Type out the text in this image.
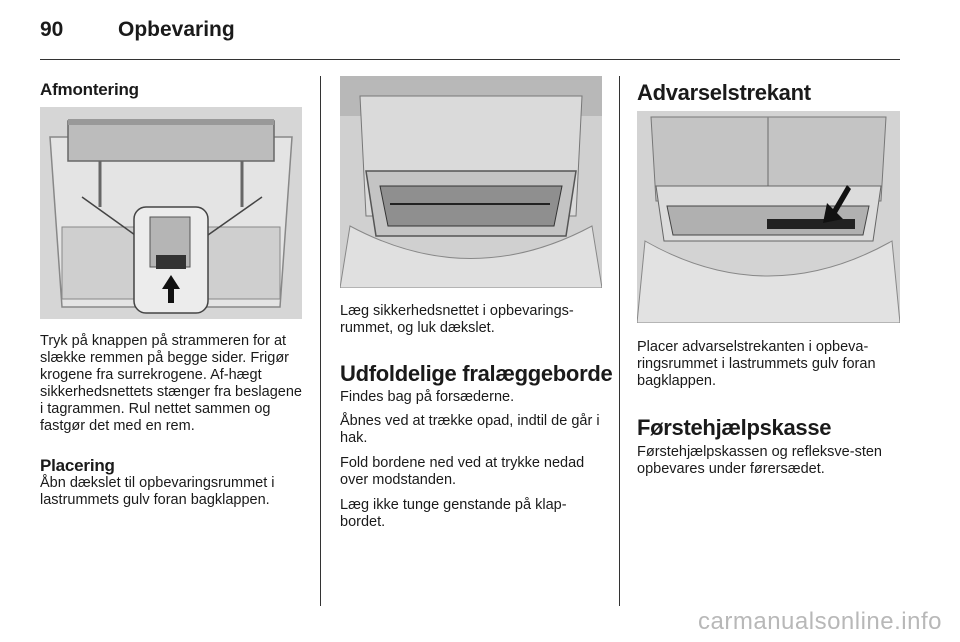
90	Opbevaring
Afmontering

Tryk på knappen på strammeren for at slække remmen på begge sider. Frigør krogene fra surrekrogene. Af-hægt sikkerhedsnettets stænger fra beslagene i tagrammen. Rul nettet sammen og fastgør det med en rem.

Placering

Åbn dækslet til opbevaringsrummet i lastrummets gulv foran bagklappen.

Læg sikkerhedsnettet i opbevarings-rummet, og luk dækslet.

Udfoldelige fralæggeborde

Findes bag på forsæderne.

Åbnes ved at trække opad, indtil de går i hak.

Fold bordene ned ved at trykke nedad over modstanden.

Læg ikke tunge genstande på klap-bordet.

Advarselstrekant

Placer advarselstrekanten i opbeva-ringsrummet i lastrummets gulv foran bagklappen.

Førstehjælpskasse

Førstehjælpskassen og refleksve-sten opbevares under førersædet.

carmanualsonline.info
